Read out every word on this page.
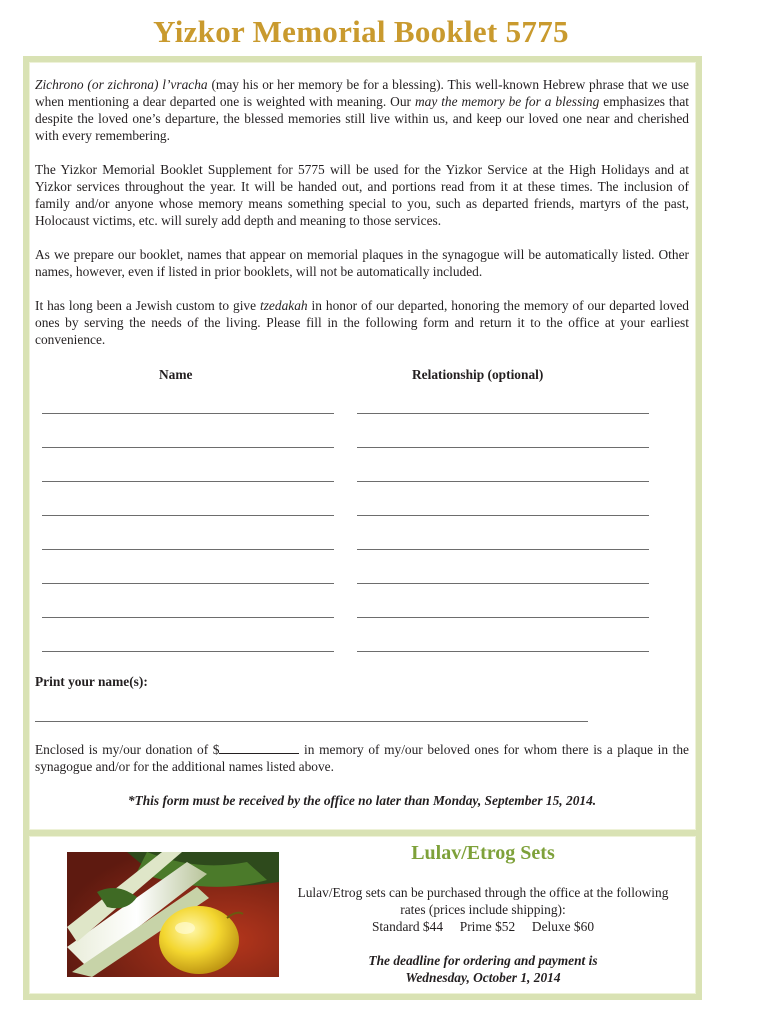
Yizkor Memorial Booklet 5775

Zichrono (or zichrona) l’vracha (may his or her memory be for a blessing). This well-known Hebrew phrase that we use when mentioning a dear departed one is weighted with meaning. Our may the memory be for a blessing emphasizes that despite the loved one’s departure, the blessed memories still live within us, and keep our loved one near and cherished with every remembering.

The Yizkor Memorial Booklet Supplement for 5775 will be used for the Yizkor Service at the High Holidays and at Yizkor services throughout the year. It will be handed out, and portions read from it at these times. The inclusion of family and/or anyone whose memory means something special to you, such as departed friends, martyrs of the past, Holocaust victims, etc. will surely add depth and meaning to those services.

As we prepare our booklet, names that appear on memorial plaques in the synagogue will be automatically listed. Other names, however, even if listed in prior booklets, will not be automatically included.

It has long been a Jewish custom to give tzedakah in honor of our departed, honoring the memory of our departed loved ones by serving the needs of the living. Please fill in the following form and return it to the office at your earliest convenience.

Name	Relationship (optional)
Print your name(s):

Enclosed is my/our donation of $	in memory of my/our beloved ones for whom there is a plaque in the synagogue and/or for the additional names listed above.

*This form must be received by the office no later than Monday, September 15, 2014.
Lulav/Etrog Sets
Lulav/Etrog sets can be purchased through the office at the following
rates (prices include shipping):
Standard $44     Prime $52     Deluxe $60
The deadline for ordering and payment is
Wednesday, October 1, 2014
